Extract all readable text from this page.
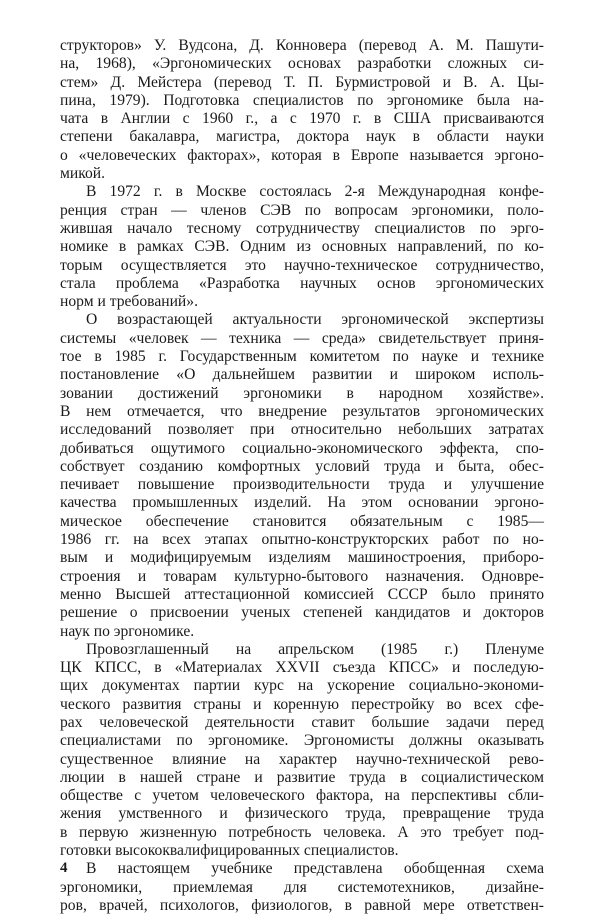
структоров» У. Вудсона, Д. Конновера (перевод А. М. Пашути-
на, 1968), «Эргономических основах разработки сложных си-
стем» Д. Мейстера (перевод Т. П. Бурмистровой и В. А. Цы-
пина, 1979). Подготовка специалистов по эргономике была на-
чата в Англии с 1960 г., а с 1970 г. в США присваиваются
степени бакалавра, магистра, доктора наук в области науки
о «человеческих факторах», которая в Европе называется эргоно-
микой.
В 1972 г. в Москве состоялась 2-я Международная конфе-
ренция стран — членов СЭВ по вопросам эргономики, поло-
жившая начало тесному сотрудничеству специалистов по эрго-
номике в рамках СЭВ. Одним из основных направлений, по ко-
торым осуществляется это научно-техническое сотрудничество,
стала проблема «Разработка научных основ эргономических
норм и требований».
О возрастающей актуальности эргономической экспертизы
системы «человек — техника — среда» свидетельствует приня-
тое в 1985 г. Государственным комитетом по науке и технике
постановление «О дальнейшем развитии и широком исполь-
зовании достижений эргономики в народном хозяйстве».
В нем отмечается, что внедрение результатов эргономических
исследований позволяет при относительно небольших затратах
добиваться ощутимого социально-экономического эффекта, спо-
собствует созданию комфортных условий труда и быта, обес-
печивает повышение производительности труда и улучшение
качества промышленных изделий. На этом основании эргоно-
мическое обеспечение становится обязательным с 1985—
1986 гг. на всех этапах опытно-конструкторских работ по но-
вым и модифицируемым изделиям машиностроения, приборо-
строения и товарам культурно-бытового назначения. Одновре-
менно Высшей аттестационной комиссией СССР было принято
решение о присвоении ученых степеней кандидатов и докторов
наук по эргономике.
Провозглашенный на апрельском (1985 г.) Пленуме
ЦК КПСС, в «Материалах XXVII съезда КПСС» и последую-
щих документах партии курс на ускорение социально-экономи-
ческого развития страны и коренную перестройку во всех сфе-
рах человеческой деятельности ставит большие задачи перед
специалистами по эргономике. Эргономисты должны оказывать
существенное влияние на характер научно-технической рево-
люции в нашей стране и развитие труда в социалистическом
обществе с учетом человеческого фактора, на перспективы сбли-
жения умственного и физического труда, превращение труда
в первую жизненную потребность человека. А это требует под-
готовки высококвалифицированных специалистов.
В настоящем учебнике представлена обобщенная схема
эргономики, приемлемая для системотехников, дизайне-
ров, врачей, психологов, физиологов, в равной мере ответствен-
4
